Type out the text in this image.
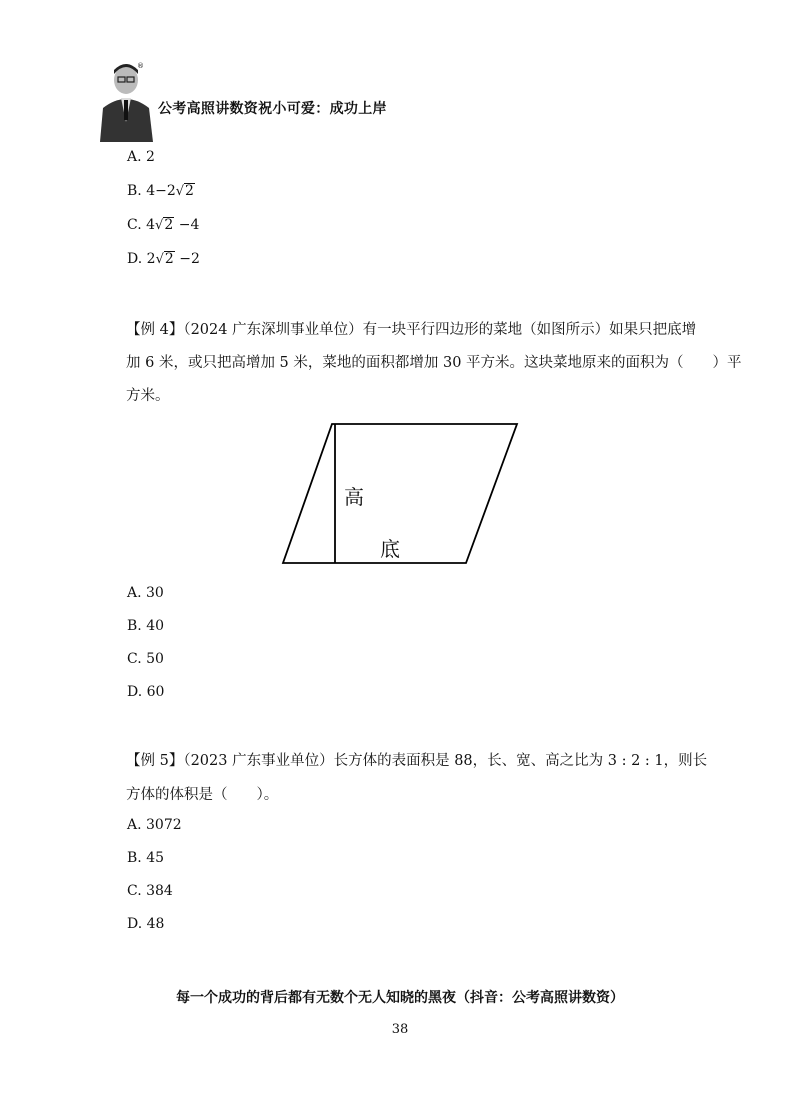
®
公考高照讲数资祝小可爱：成功上岸
A. 2
B. 4−2√2
C. 4√2 −4
D. 2√2 −2
【例 4】（2024 广东深圳事业单位）有一块平行四边形的菜地（如图所示）如果只把底增
加 6 米，或只把高增加 5 米，菜地的面积都增加 30 平方米。这块菜地原来的面积为（　　）平
方米。
高
底
A. 30
B. 40
C. 50
D. 60
【例 5】（2023 广东事业单位）长方体的表面积是 88，长、宽、高之比为 3 : 2 : 1，则长
方体的体积是（　　）。
A. 3072
B. 45
C. 384
D. 48
每一个成功的背后都有无数个无人知晓的黑夜（抖音：公考高照讲数资）
38
